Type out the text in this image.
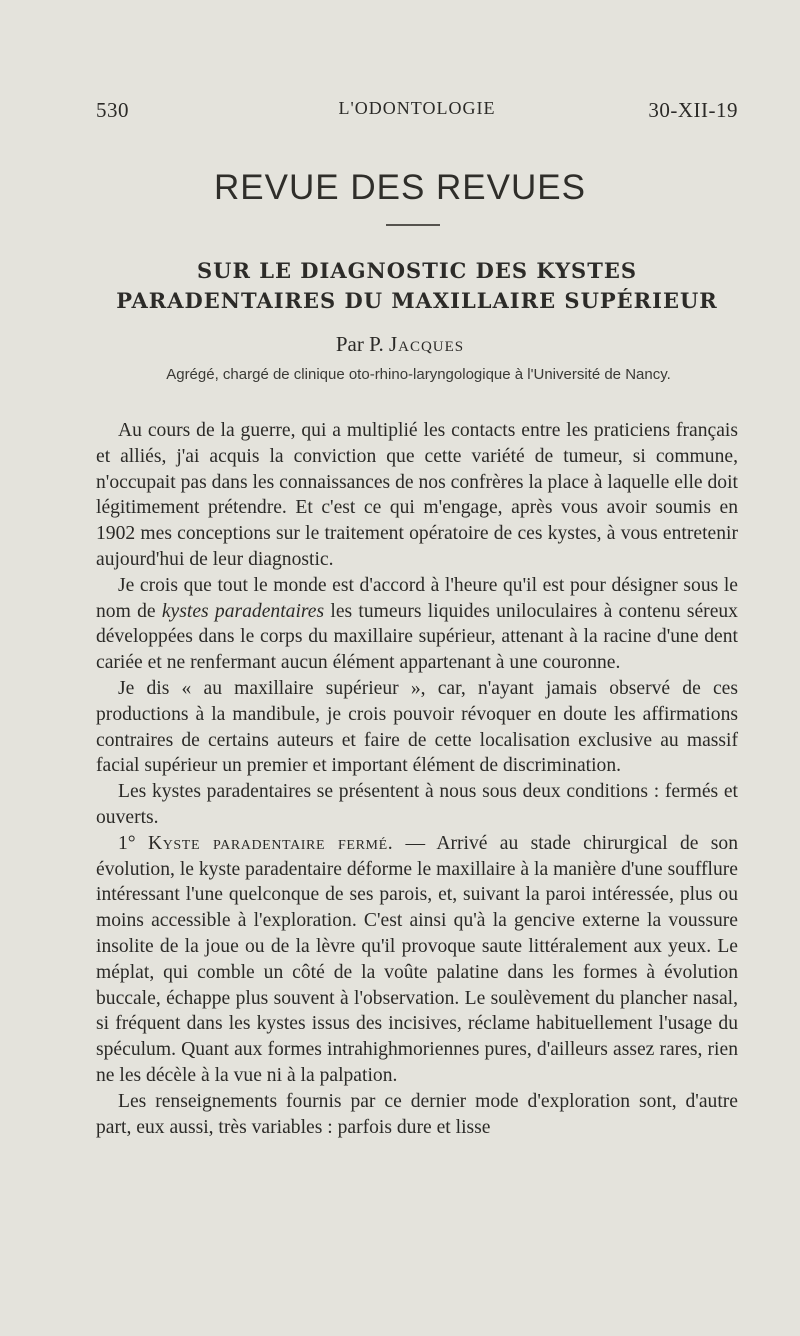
530	L'ODONTOLOGIE	30-XII-19
REVUE DES REVUES
SUR LE DIAGNOSTIC DES KYSTES
PARADENTAIRES DU MAXILLAIRE SUPÉRIEUR
Par P. Jacques
Agrégé, chargé de clinique oto-rhino-laryngologique à l'Université de Nancy.

Au cours de la guerre, qui a multiplié les contacts entre les praticiens français et alliés, j'ai acquis la conviction que cette variété de tumeur, si commune, n'occupait pas dans les connaissances de nos confrères la place à laquelle elle doit légitimement prétendre. Et c'est ce qui m'engage, après vous avoir soumis en 1902 mes conceptions sur le traitement opératoire de ces kystes, à vous entretenir aujourd'hui de leur diagnostic.

Je crois que tout le monde est d'accord à l'heure qu'il est pour désigner sous le nom de kystes paradentaires les tumeurs liquides uniloculaires à contenu séreux développées dans le corps du maxillaire supérieur, attenant à la racine d'une dent cariée et ne renfermant aucun élément appartenant à une couronne.

Je dis « au maxillaire supérieur », car, n'ayant jamais observé de ces productions à la mandibule, je crois pouvoir révoquer en doute les affirmations contraires de certains auteurs et faire de cette localisation exclusive au massif facial supérieur un premier et important élément de discrimination.

Les kystes paradentaires se présentent à nous sous deux conditions : fermés et ouverts.

1° Kyste paradentaire fermé. — Arrivé au stade chirurgical de son évolution, le kyste paradentaire déforme le maxillaire à la manière d'une soufflure intéressant l'une quelconque de ses parois, et, suivant la paroi intéressée, plus ou moins accessible à l'exploration. C'est ainsi qu'à la gencive externe la voussure insolite de la joue ou de la lèvre qu'il provoque saute littéralement aux yeux. Le méplat, qui comble un côté de la voûte palatine dans les formes à évolution buccale, échappe plus souvent à l'observation. Le soulèvement du plancher nasal, si fréquent dans les kystes issus des incisives, réclame habituellement l'usage du spéculum. Quant aux formes intrahighmoriennes pures, d'ailleurs assez rares, rien ne les décèle à la vue ni à la palpation.

Les renseignements fournis par ce dernier mode d'exploration sont, d'autre part, eux aussi, très variables : parfois dure et lisse
